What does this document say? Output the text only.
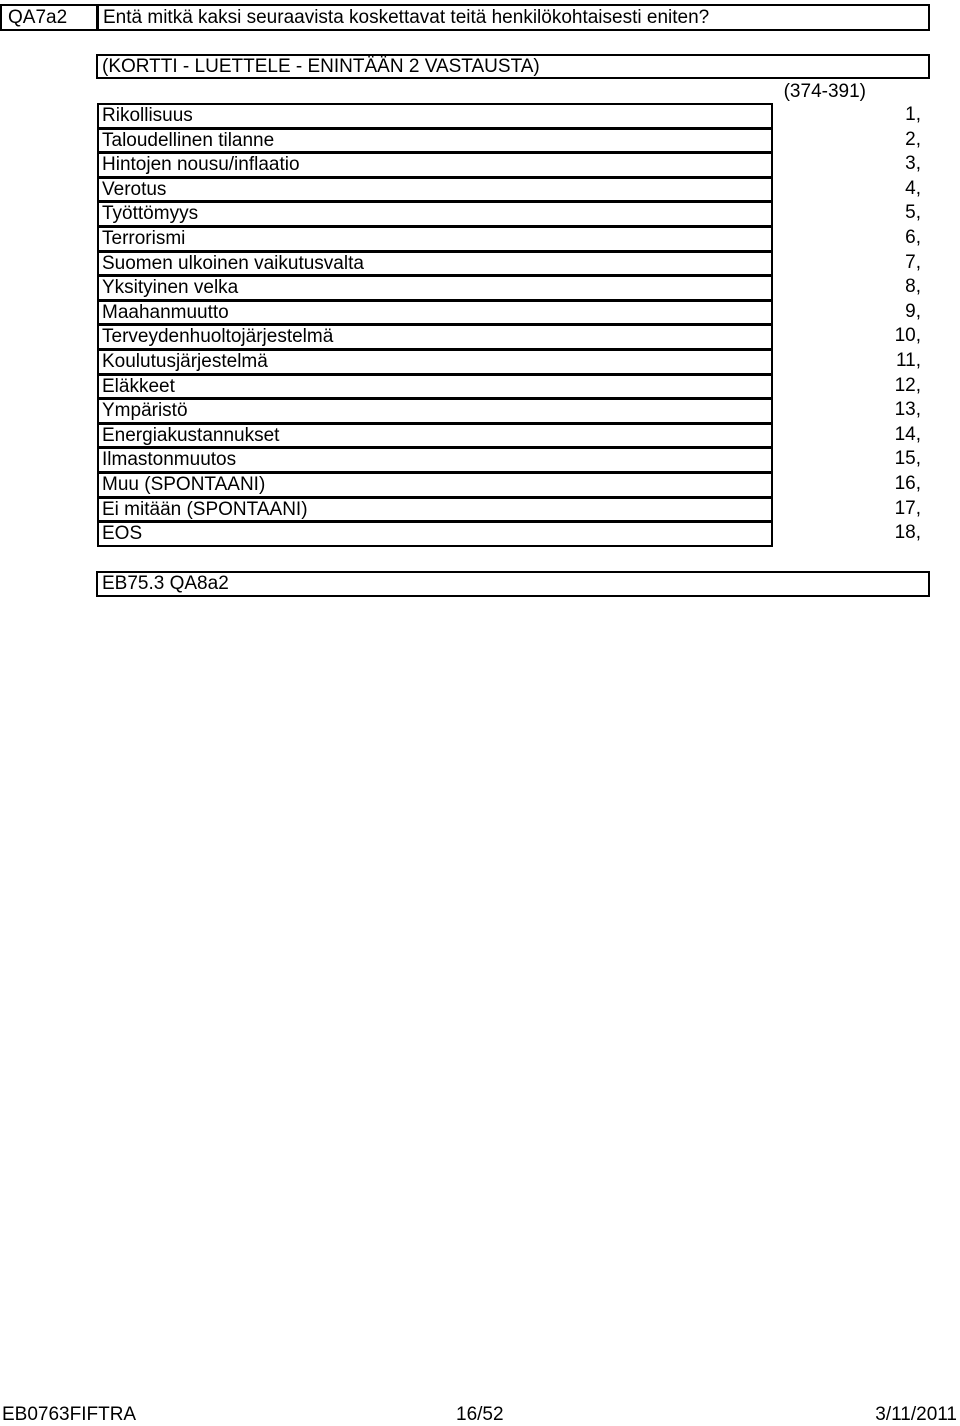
QA7a2	Entä mitkä kaksi seuraavista koskettavat teitä henkilökohtaisesti eniten?
(KORTTI - LUETTELE - ENINTÄÄN 2 VASTAUSTA)
(374-391)
Rikollisuus	1,
Taloudellinen tilanne	2,
Hintojen nousu/inflaatio	3,
Verotus	4,
Työttömyys	5,
Terrorismi	6,
Suomen ulkoinen vaikutusvalta	7,
Yksityinen velka	8,
Maahanmuutto	9,
Terveydenhuoltojärjestelmä	10,
Koulutusjärjestelmä	11,
Eläkkeet	12,
Ympäristö	13,
Energiakustannukset	14,
Ilmastonmuutos	15,
Muu (SPONTAANI)	16,
Ei mitään (SPONTAANI)	17,
EOS	18,
EB75.3 QA8a2
EB0763FIFTRA	16/52	3/11/2011
